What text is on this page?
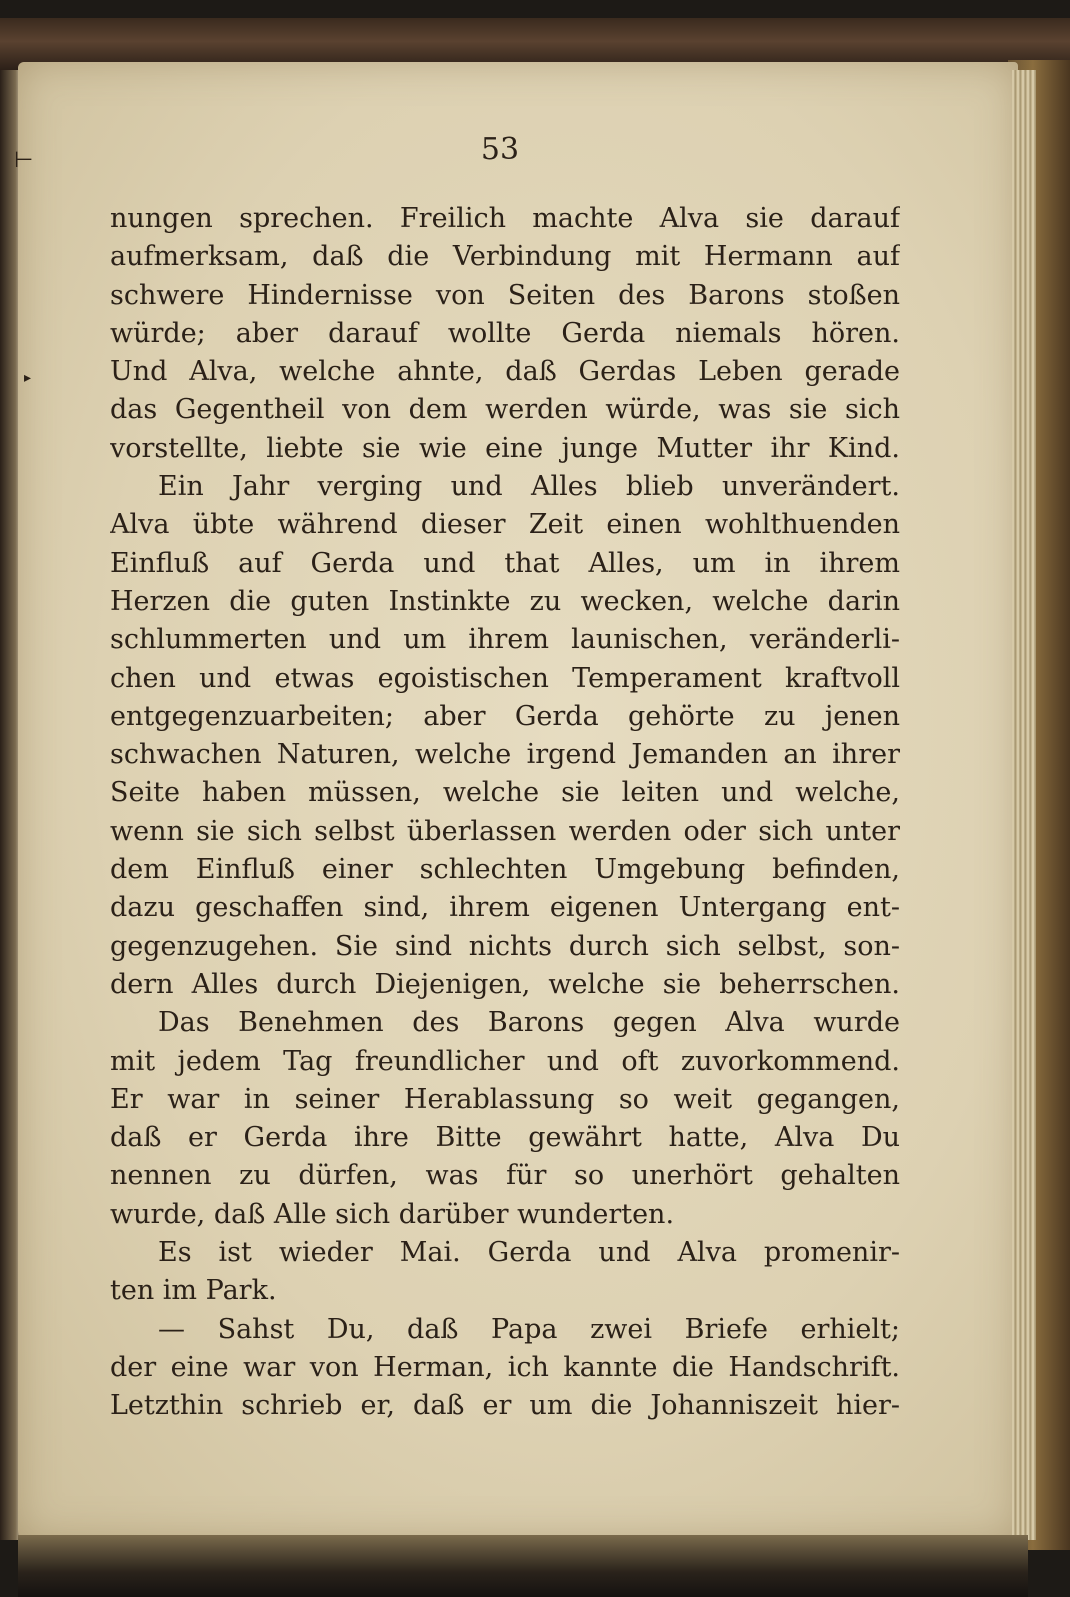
⊢
▸
53
nungen sprechen. Freilich machte Alva sie darauf
aufmerksam, daß die Verbindung mit Hermann auf
schwere Hindernisse von Seiten des Barons stoßen
würde; aber darauf wollte Gerda niemals hören.
Und Alva, welche ahnte, daß Gerdas Leben gerade
das Gegentheil von dem werden würde, was sie sich
vorstellte, liebte sie wie eine junge Mutter ihr Kind.
Ein Jahr verging und Alles blieb unverändert.
Alva übte während dieser Zeit einen wohlthuenden
Einfluß auf Gerda und that Alles, um in ihrem
Herzen die guten Instinkte zu wecken, welche darin
schlummerten und um ihrem launischen, veränderli-
chen und etwas egoistischen Temperament kraftvoll
entgegenzuarbeiten; aber Gerda gehörte zu jenen
schwachen Naturen, welche irgend Jemanden an ihrer
Seite haben müssen, welche sie leiten und welche,
wenn sie sich selbst überlassen werden oder sich unter
dem Einfluß einer schlechten Umgebung befinden,
dazu geschaffen sind, ihrem eigenen Untergang ent-
gegenzugehen. Sie sind nichts durch sich selbst, son-
dern Alles durch Diejenigen, welche sie beherrschen.
Das Benehmen des Barons gegen Alva wurde
mit jedem Tag freundlicher und oft zuvorkommend.
Er war in seiner Herablassung so weit gegangen,
daß er Gerda ihre Bitte gewährt hatte, Alva Du
nennen zu dürfen, was für so unerhört gehalten
wurde, daß Alle sich darüber wunderten.
Es ist wieder Mai. Gerda und Alva promenir-
ten im Park.
— Sahst Du, daß Papa zwei Briefe erhielt;
der eine war von Herman, ich kannte die Handschrift.
Letzthin schrieb er, daß er um die Johanniszeit hier-
